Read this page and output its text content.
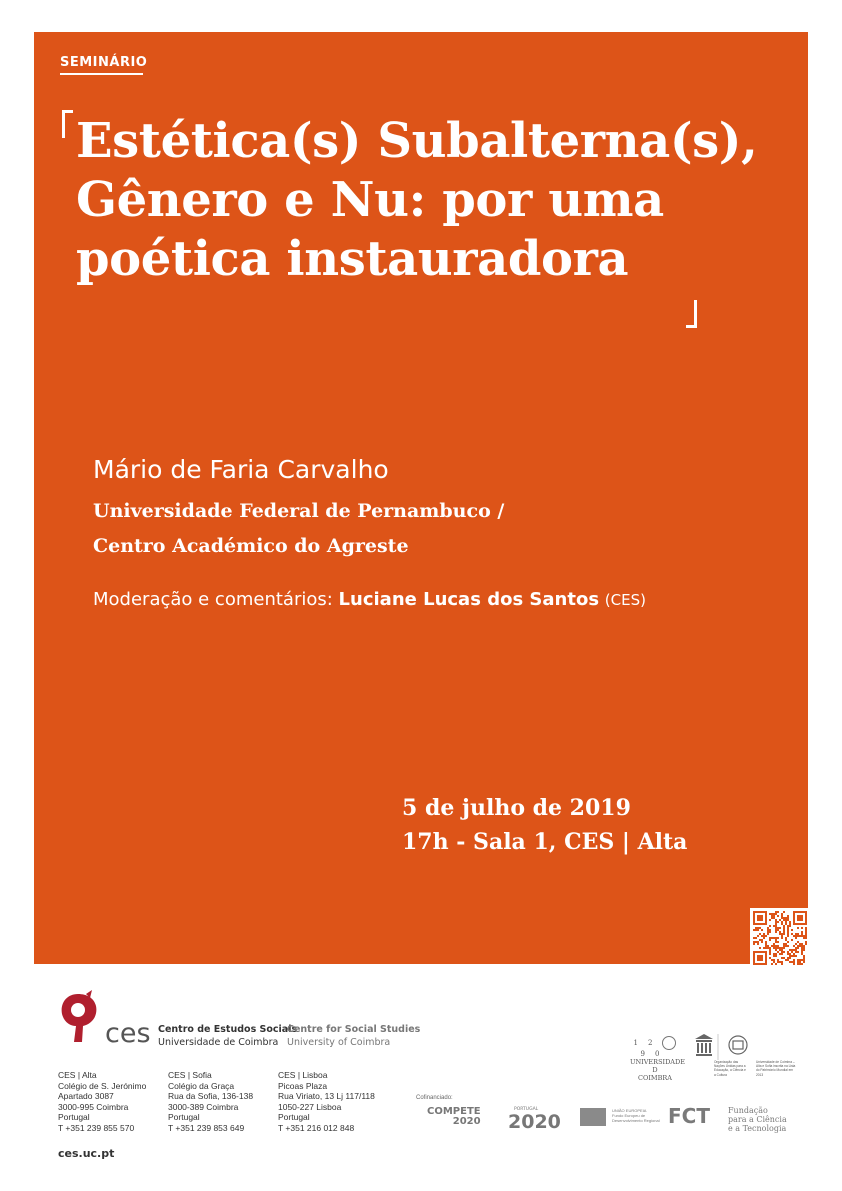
SEMINÁRIO
Estética(s) Subalterna(s),
Gênero e Nu: por uma
poética instauradora
Mário de Faria Carvalho
Universidade Federal de Pernambuco /
Centro Académico do Agreste
Moderação e comentários: Luciane Lucas dos Santos (CES)
5 de julho de 2019
17h - Sala 1, CES | Alta
ces Centro de Estudos Sociais
Universidade de Coimbra
Centre for Social Studies
University of Coimbra
CES | Alta
Colégio de S. Jerónimo
Apartado 3087
3000-995 Coimbra
Portugal
T +351 239 855 570
CES | Sofia
Colégio da Graça
Rua da Sofia, 136-138
3000-389 Coimbra
Portugal
T +351 239 853 649
CES | Lisboa
Picoas Plaza
Rua Viriato, 13 Lj 117/118
1050-227 Lisboa
Portugal
T +351 216 012 848
ces.uc.pt
12 90
UNIVERSIDADE D
COIMBRA
Organização das Nações Unidas para a Educação, a Ciência e a Cultura
Universidade de Coimbra – Alta e Sofia inscrita na Lista do Património Mundial em 2013
Cofinanciado:
COMPETE
2020
PORTUGAL
2020
UNIÃO EUROPEIA
Fundo Europeu de Desenvolvimento Regional FCT Fundação
para a Ciência
e a Tecnologia
